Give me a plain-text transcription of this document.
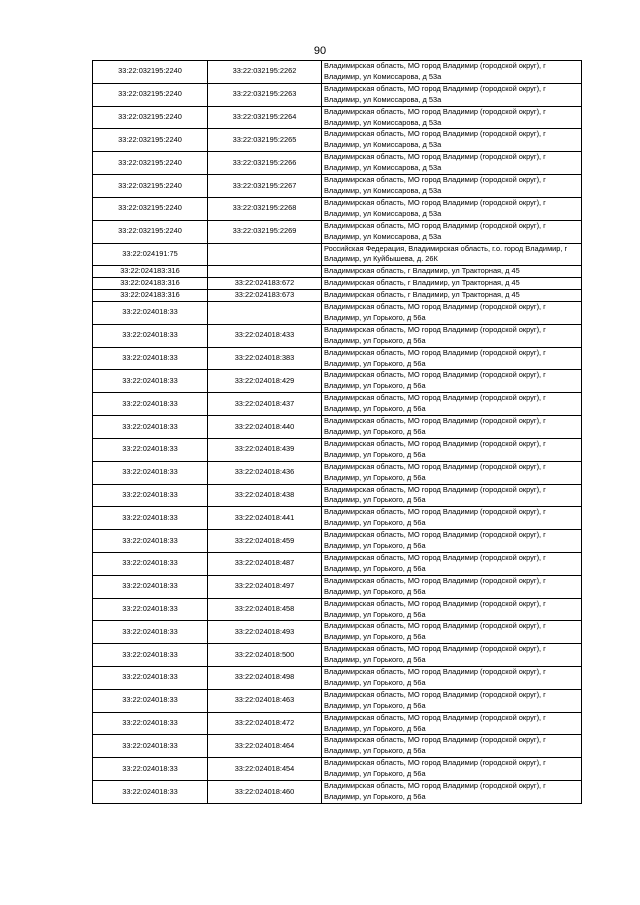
90
33:22:032195:2240	33:22:032195:2262	Владимирская область, МО город Владимир (городской округ), г Владимир, ул Комиссарова, д 53а
33:22:032195:2240	33:22:032195:2263	Владимирская область, МО город Владимир (городской округ), г Владимир, ул Комиссарова, д 53а
33:22:032195:2240	33:22:032195:2264	Владимирская область, МО город Владимир (городской округ), г Владимир, ул Комиссарова, д 53а
33:22:032195:2240	33:22:032195:2265	Владимирская область, МО город Владимир (городской округ), г Владимир, ул Комиссарова, д 53а
33:22:032195:2240	33:22:032195:2266	Владимирская область, МО город Владимир (городской округ), г Владимир, ул Комиссарова, д 53а
33:22:032195:2240	33:22:032195:2267	Владимирская область, МО город Владимир (городской округ), г Владимир, ул Комиссарова, д 53а
33:22:032195:2240	33:22:032195:2268	Владимирская область, МО город Владимир (городской округ), г Владимир, ул Комиссарова, д 53а
33:22:032195:2240	33:22:032195:2269	Владимирская область, МО город Владимир (городской округ), г Владимир, ул Комиссарова, д 53а
33:22:024191:75		Российская Федерация, Владимирская область, г.о. город Владимир, г Владимир, ул Куйбышева, д. 26К
33:22:024183:316		Владимирская область, г Владимир, ул Тракторная, д 45
33:22:024183:316	33:22:024183:672	Владимирская область, г Владимир, ул Тракторная, д 45
33:22:024183:316	33:22:024183:673	Владимирская область, г Владимир, ул Тракторная, д 45
33:22:024018:33		Владимирская область, МО город Владимир (городской округ), г Владимир, ул Горького, д 56а
33:22:024018:33	33:22:024018:433	Владимирская область, МО город Владимир (городской округ), г Владимир, ул Горького, д 56а
33:22:024018:33	33:22:024018:383	Владимирская область, МО город Владимир (городской округ), г Владимир, ул Горького, д 56а
33:22:024018:33	33:22:024018:429	Владимирская область, МО город Владимир (городской округ), г Владимир, ул Горького, д 56а
33:22:024018:33	33:22:024018:437	Владимирская область, МО город Владимир (городской округ), г Владимир, ул Горького, д 56а
33:22:024018:33	33:22:024018:440	Владимирская область, МО город Владимир (городской округ), г Владимир, ул Горького, д 56а
33:22:024018:33	33:22:024018:439	Владимирская область, МО город Владимир (городской округ), г Владимир, ул Горького, д 56а
33:22:024018:33	33:22:024018:436	Владимирская область, МО город Владимир (городской округ), г Владимир, ул Горького, д 56а
33:22:024018:33	33:22:024018:438	Владимирская область, МО город Владимир (городской округ), г Владимир, ул Горького, д 56а
33:22:024018:33	33:22:024018:441	Владимирская область, МО город Владимир (городской округ), г Владимир, ул Горького, д 56а
33:22:024018:33	33:22:024018:459	Владимирская область, МО город Владимир (городской округ), г Владимир, ул Горького, д 56а
33:22:024018:33	33:22:024018:487	Владимирская область, МО город Владимир (городской округ), г Владимир, ул Горького, д 56а
33:22:024018:33	33:22:024018:497	Владимирская область, МО город Владимир (городской округ), г Владимир, ул Горького, д 56а
33:22:024018:33	33:22:024018:458	Владимирская область, МО город Владимир (городской округ), г Владимир, ул Горького, д 56а
33:22:024018:33	33:22:024018:493	Владимирская область, МО город Владимир (городской округ), г Владимир, ул Горького, д 56а
33:22:024018:33	33:22:024018:500	Владимирская область, МО город Владимир (городской округ), г Владимир, ул Горького, д 56а
33:22:024018:33	33:22:024018:498	Владимирская область, МО город Владимир (городской округ), г Владимир, ул Горького, д 56а
33:22:024018:33	33:22:024018:463	Владимирская область, МО город Владимир (городской округ), г Владимир, ул Горького, д 56а
33:22:024018:33	33:22:024018:472	Владимирская область, МО город Владимир (городской округ), г Владимир, ул Горького, д 56а
33:22:024018:33	33:22:024018:464	Владимирская область, МО город Владимир (городской округ), г Владимир, ул Горького, д 56а
33:22:024018:33	33:22:024018:454	Владимирская область, МО город Владимир (городской округ), г Владимир, ул Горького, д 56а
33:22:024018:33	33:22:024018:460	Владимирская область, МО город Владимир (городской округ), г Владимир, ул Горького, д 56а
